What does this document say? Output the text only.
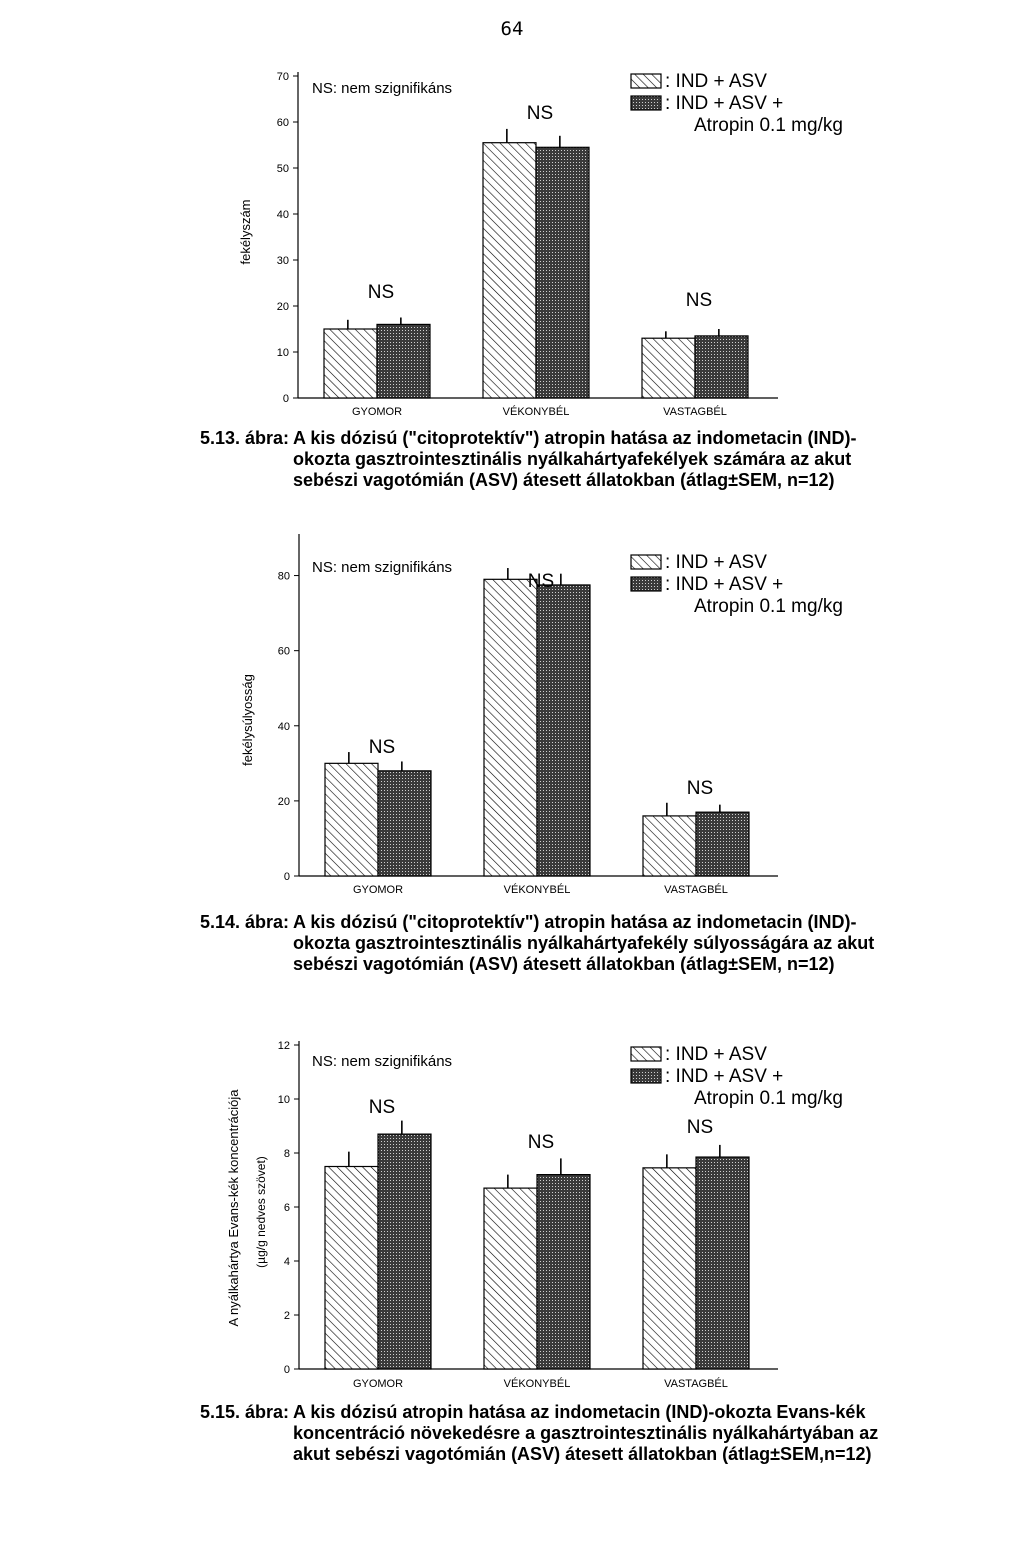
64
0
10
20
30
40
50
60
70
fekélyszám
GYOMOR
NS
VÉKONYBÉL
NS
VASTAGBÉL
NS
NS: nem szignifikáns	: IND + ASV
: IND + ASV +
Atropin 0.1 mg/kg
5.13. ábra: A kis dózisú ("citoprotektív") atropin hatása az indometacin (IND)-okozta gasztrointesztinális nyálkahártyafekélyek számára az akut sebészi vagotómián (ASV) átesett állatokban (átlag±SEM, n=12)
0
20
40
60
80
fekélysúlyosság
GYOMOR
NS
VÉKONYBÉL
NS
VASTAGBÉL
NS
NS: nem szignifikáns	: IND + ASV
: IND + ASV +
Atropin 0.1 mg/kg
5.14. ábra: A kis dózisú ("citoprotektív") atropin hatása az indometacin (IND)-okozta gasztrointesztinális nyálkahártyafekély súlyosságára az akut sebészi vagotómián (ASV) átesett állatokban (átlag±SEM, n=12)
0
2
4
6
8
10
12
A nyálkahártya Evans-kék koncentrációja (µg/g nedves szövet)
GYOMOR
NS
VÉKONYBÉL
NS
VASTAGBÉL
NS
NS: nem szignifikáns	: IND + ASV
: IND + ASV +
Atropin 0.1 mg/kg
5.15. ábra: A kis dózisú atropin hatása az indometacin (IND)-okozta Evans-kék koncentráció növekedésre a gasztrointesztinális nyálkahártyában az akut sebészi vagotómián (ASV) átesett állatokban (átlag±SEM,n=12)
